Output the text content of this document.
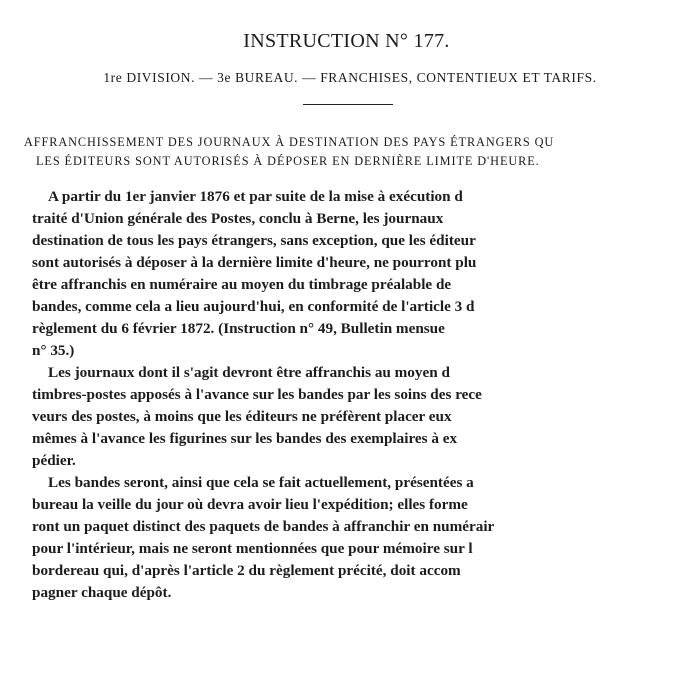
INSTRUCTION N° 177.
1re DIVISION. — 3e BUREAU. — FRANCHISES, CONTENTIEUX ET TARIFS.
AFFRANCHISSEMENT DES JOURNAUX À DESTINATION DES PAYS ÉTRANGERS QU
LES ÉDITEURS SONT AUTORISÉS À DÉPOSER EN DERNIÈRE LIMITE D'HEURE.
A partir du 1er janvier 1876 et par suite de la mise à exécution d
traité d'Union générale des Postes, conclu à Berne, les journaux
destination de tous les pays étrangers, sans exception, que les éditeur
sont autorisés à déposer à la dernière limite d'heure, ne pourront plu
être affranchis en numéraire au moyen du timbrage préalable de
bandes, comme cela a lieu aujourd'hui, en conformité de l'article 3 d
règlement du 6 février 1872. (Instruction n° 49, Bulletin mensue
n° 35.)
Les journaux dont il s'agit devront être affranchis au moyen d
timbres-postes apposés à l'avance sur les bandes par les soins des rece
veurs des postes, à moins que les éditeurs ne préfèrent placer eux
mêmes à l'avance les figurines sur les bandes des exemplaires à ex
pédier.
Les bandes seront, ainsi que cela se fait actuellement, présentées a
bureau la veille du jour où devra avoir lieu l'expédition; elles forme
ront un paquet distinct des paquets de bandes à affranchir en numérair
pour l'intérieur, mais ne seront mentionnées que pour mémoire sur l
bordereau qui, d'après l'article 2 du règlement précité, doit accom
pagner chaque dépôt.
